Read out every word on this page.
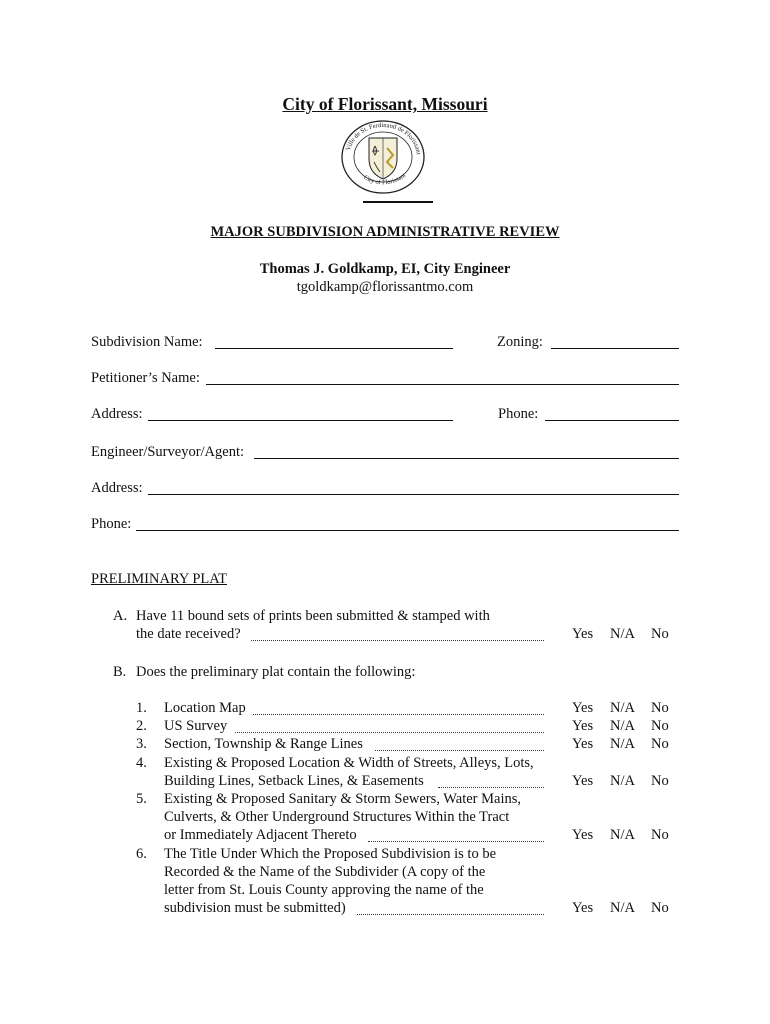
City of Florissant, Missouri
Ville de St. Ferdinand de Florissant
City of Florissant
MAJOR SUBDIVISION ADMINISTRATIVE REVIEW
Thomas J. Goldkamp, EI, City Engineer
tgoldkamp@florissantmo.com
Subdivision Name:	Zoning:
Petitioner’s Name:
Address:	Phone:
Engineer/Surveyor/Agent:
Address:
Phone:
PRELIMINARY PLAT
A. Have 11 bound sets of prints been submitted & stamped with
the date received?	Yes N/A No
B. Does the preliminary plat contain the following:
1. Location Map	Yes N/A No
2. US Survey	Yes N/A No
3. Section, Township & Range Lines	Yes N/A No
4. Existing & Proposed Location & Width of Streets, Alleys, Lots,
Building Lines, Setback Lines, & Easements	Yes N/A No
5. Existing & Proposed Sanitary & Storm Sewers, Water Mains,
Culverts, & Other Underground Structures Within the Tract
or Immediately Adjacent Thereto	Yes N/A No
6. The Title Under Which the Proposed Subdivision is to be
Recorded & the Name of the Subdivider (A copy of the
letter from St. Louis County approving the name of the
subdivision must be submitted)	Yes N/A No
